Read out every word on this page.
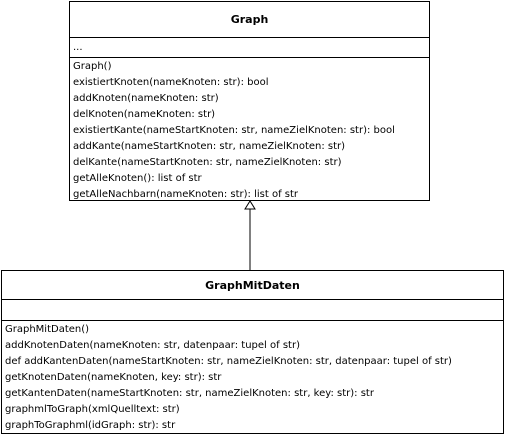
Graph
...
Graph()
existiertKnoten(nameKnoten: str): bool
addKnoten(nameKnoten: str)
delKnoten(nameKnoten: str)
existiertKante(nameStartKnoten: str, nameZielKnoten: str): bool
addKante(nameStartKnoten: str, nameZielKnoten: str)
delKante(nameStartKnoten: str, nameZielKnoten: str)
getAlleKnoten(): list of str
getAlleNachbarn(nameKnoten: str): list of str
GraphMitDaten
GraphMitDaten()
addKnotenDaten(nameKnoten: str, datenpaar: tupel of str)
def addKantenDaten(nameStartKnoten: str, nameZielKnoten: str, datenpaar: tupel of str)
getKnotenDaten(nameKnoten, key: str): str
getKantenDaten(nameStartKnoten: str, nameZielKnoten: str, key: str): str
graphmlToGraph(xmlQuelltext: str)
graphToGraphml(idGraph: str): str
